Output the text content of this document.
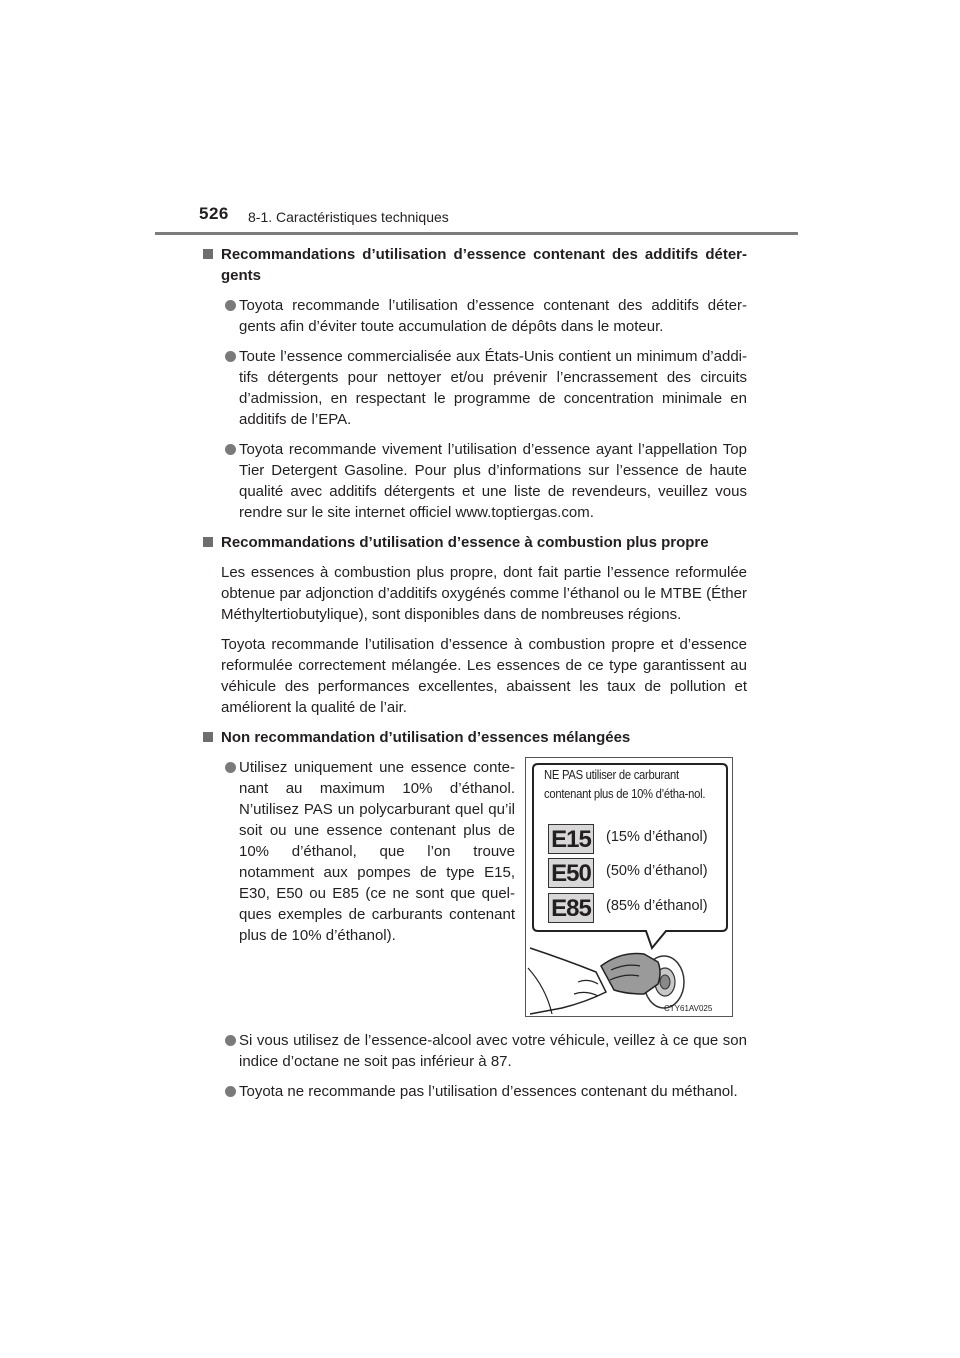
526 8-1. Caractéristiques techniques
Recommandations d’utilisation d’essence contenant des additifs déter-gents
Toyota recommande l’utilisation d’essence contenant des additifs déter-gents afin d’éviter toute accumulation de dépôts dans le moteur.
Toute l’essence commercialisée aux États-Unis contient un minimum d’addi-tifs détergents pour nettoyer et/ou prévenir l’encrassement des circuits d’admission, en respectant le programme de concentration minimale en additifs de l’EPA.
Toyota recommande vivement l’utilisation d’essence ayant l’appellation Top Tier Detergent Gasoline. Pour plus d’informations sur l’essence de haute qualité avec additifs détergents et une liste de revendeurs, veuillez vous rendre sur le site internet officiel www.toptiergas.com.
Recommandations d’utilisation d’essence à combustion plus propre
Les essences à combustion plus propre, dont fait partie l’essence reformulée obtenue par adjonction d’additifs oxygénés comme l’éthanol ou le MTBE (Éther Méthyltertiobutylique), sont disponibles dans de nombreuses régions.
Toyota recommande l’utilisation d’essence à combustion propre et d’essence reformulée correctement mélangée. Les essences de ce type garantissent au véhicule des performances excellentes, abaissent les taux de pollution et améliorent la qualité de l’air.
Non recommandation d’utilisation d’essences mélangées
Utilisez uniquement une essence conte-nant au maximum 10% d’éthanol. N’utilisez PAS un polycarburant quel qu’il soit ou une essence contenant plus de 10% d’éthanol, que l’on trouve notamment aux pompes de type E15, E30, E50 ou E85 (ce ne sont que quel-ques exemples de carburants contenant plus de 10% d’éthanol).
NE PAS utiliser de carburant contenant plus de 10% d’étha-nol.
E15 (15% d’éthanol)
E50 (50% d’éthanol)
E85 (85% d’éthanol)
CTY61AV025
Si vous utilisez de l’essence-alcool avec votre véhicule, veillez à ce que son indice d’octane ne soit pas inférieur à 87.
Toyota ne recommande pas l’utilisation d’essences contenant du méthanol.
